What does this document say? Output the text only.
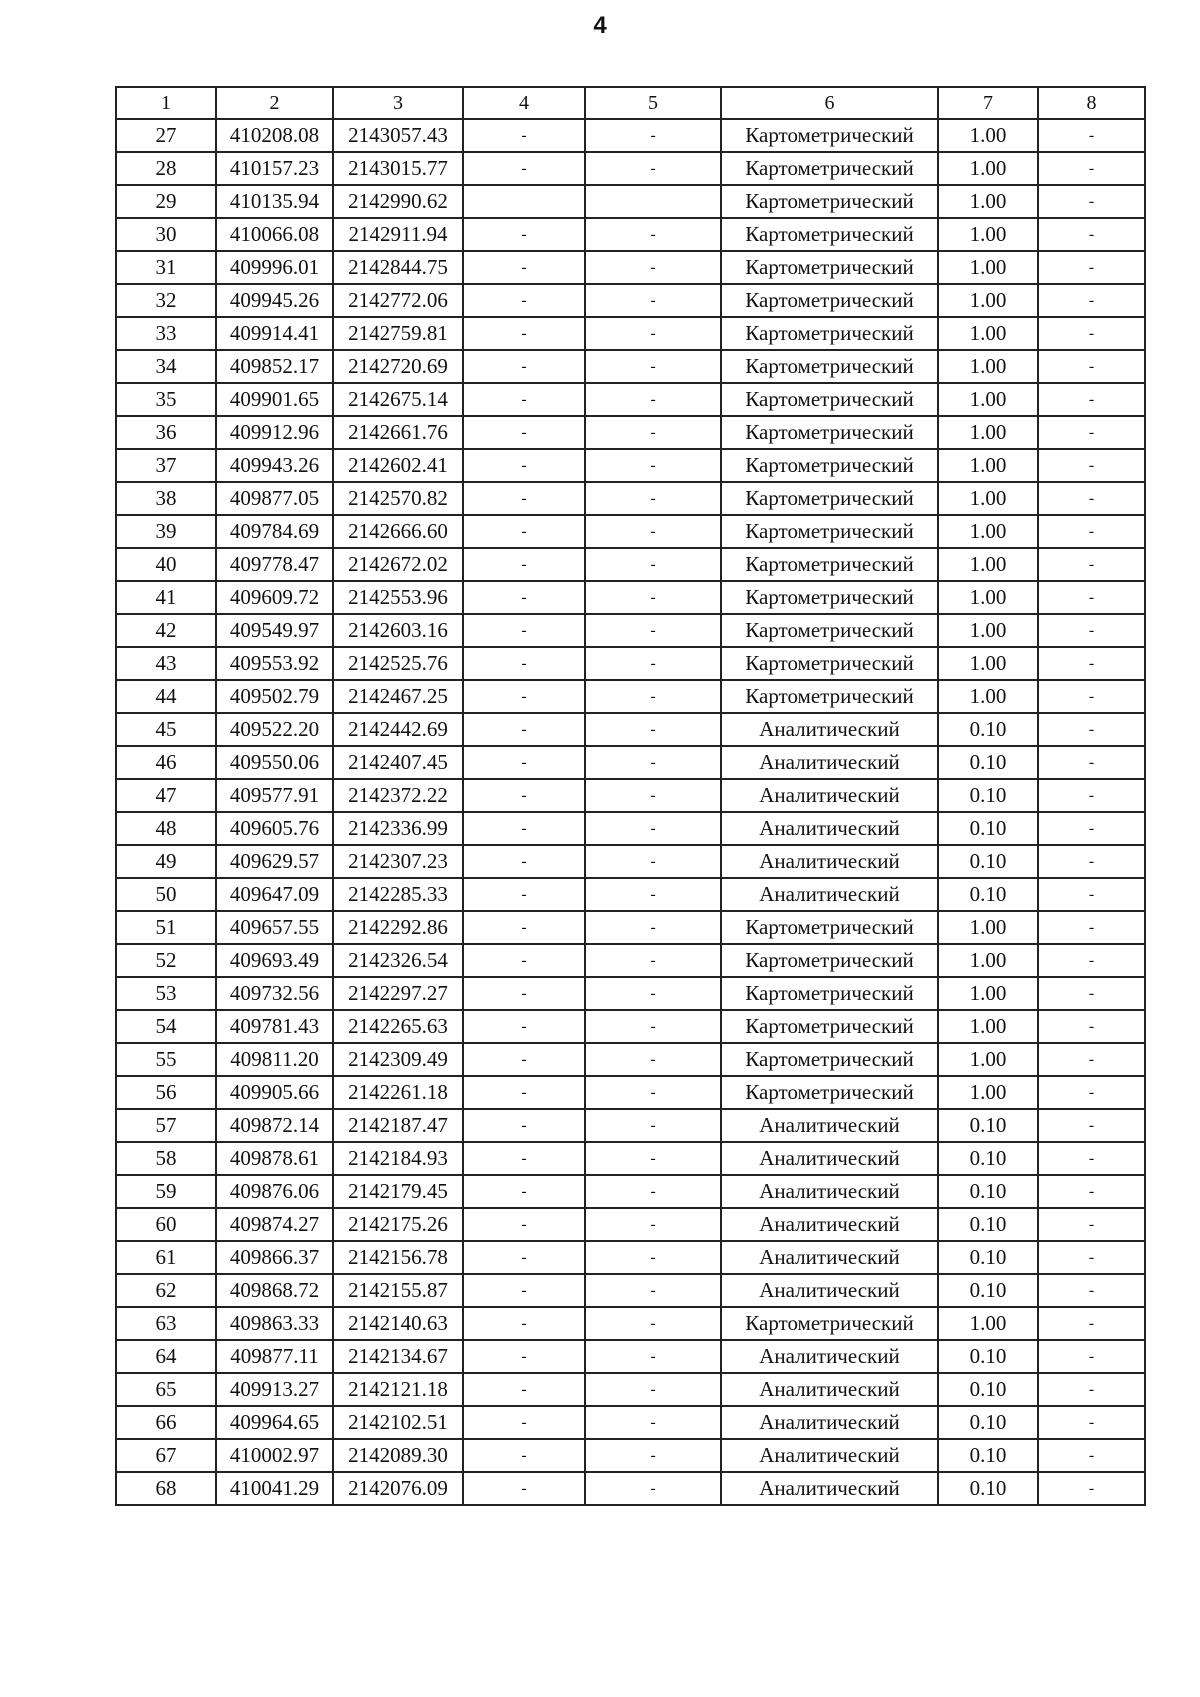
4
1	2	3	4	5	6	7	8
27	410208.08	2143057.43	-	-	Картометрический	1.00	-
28	410157.23	2143015.77	-	-	Картометрический	1.00	-
29	410135.94	2142990.62			Картометрический	1.00	-
30	410066.08	2142911.94	-	-	Картометрический	1.00	-
31	409996.01	2142844.75	-	-	Картометрический	1.00	-
32	409945.26	2142772.06	-	-	Картометрический	1.00	-
33	409914.41	2142759.81	-	-	Картометрический	1.00	-
34	409852.17	2142720.69	-	-	Картометрический	1.00	-
35	409901.65	2142675.14	-	-	Картометрический	1.00	-
36	409912.96	2142661.76	-	-	Картометрический	1.00	-
37	409943.26	2142602.41	-	-	Картометрический	1.00	-
38	409877.05	2142570.82	-	-	Картометрический	1.00	-
39	409784.69	2142666.60	-	-	Картометрический	1.00	-
40	409778.47	2142672.02	-	-	Картометрический	1.00	-
41	409609.72	2142553.96	-	-	Картометрический	1.00	-
42	409549.97	2142603.16	-	-	Картометрический	1.00	-
43	409553.92	2142525.76	-	-	Картометрический	1.00	-
44	409502.79	2142467.25	-	-	Картометрический	1.00	-
45	409522.20	2142442.69	-	-	Аналитический	0.10	-
46	409550.06	2142407.45	-	-	Аналитический	0.10	-
47	409577.91	2142372.22	-	-	Аналитический	0.10	-
48	409605.76	2142336.99	-	-	Аналитический	0.10	-
49	409629.57	2142307.23	-	-	Аналитический	0.10	-
50	409647.09	2142285.33	-	-	Аналитический	0.10	-
51	409657.55	2142292.86	-	-	Картометрический	1.00	-
52	409693.49	2142326.54	-	-	Картометрический	1.00	-
53	409732.56	2142297.27	-	-	Картометрический	1.00	-
54	409781.43	2142265.63	-	-	Картометрический	1.00	-
55	409811.20	2142309.49	-	-	Картометрический	1.00	-
56	409905.66	2142261.18	-	-	Картометрический	1.00	-
57	409872.14	2142187.47	-	-	Аналитический	0.10	-
58	409878.61	2142184.93	-	-	Аналитический	0.10	-
59	409876.06	2142179.45	-	-	Аналитический	0.10	-
60	409874.27	2142175.26	-	-	Аналитический	0.10	-
61	409866.37	2142156.78	-	-	Аналитический	0.10	-
62	409868.72	2142155.87	-	-	Аналитический	0.10	-
63	409863.33	2142140.63	-	-	Картометрический	1.00	-
64	409877.11	2142134.67	-	-	Аналитический	0.10	-
65	409913.27	2142121.18	-	-	Аналитический	0.10	-
66	409964.65	2142102.51	-	-	Аналитический	0.10	-
67	410002.97	2142089.30	-	-	Аналитический	0.10	-
68	410041.29	2142076.09	-	-	Аналитический	0.10	-
